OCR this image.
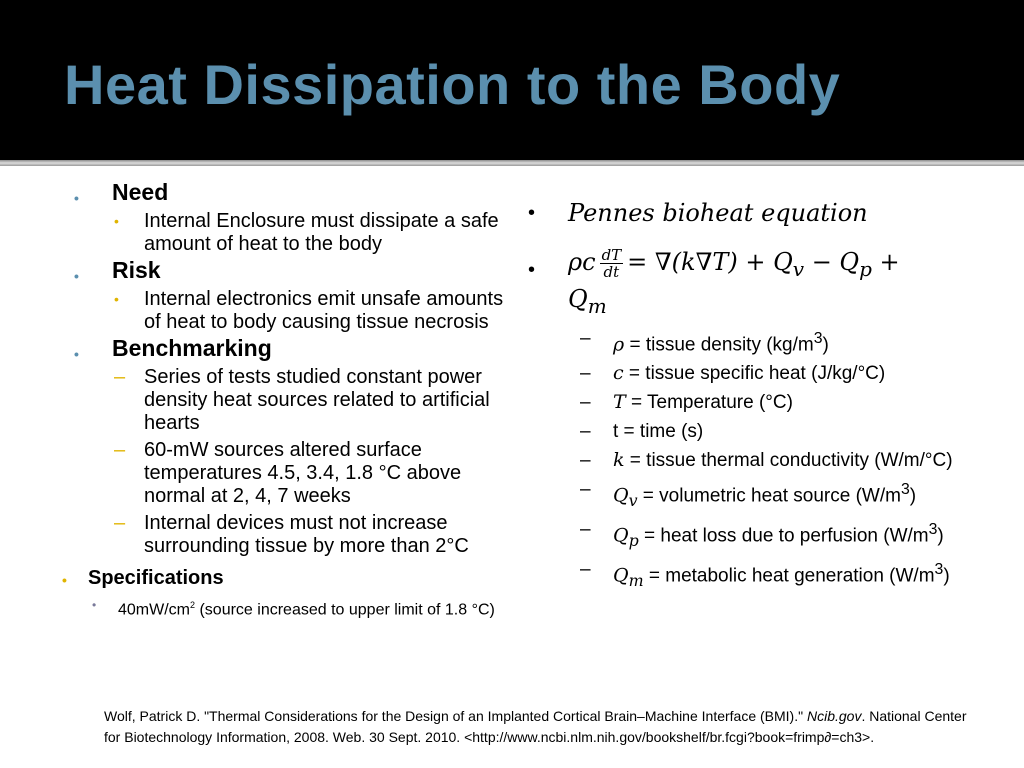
Heat Dissipation to the Body
• Need
• Internal Enclosure must dissipate a safe amount of heat to the body
• Risk
• Internal electronics emit unsafe amounts of heat to body causing tissue necrosis
• Benchmarking
– Series of tests studied constant power density heat sources related to artificial hearts
– 60-mW sources altered surface temperatures 4.5, 3.4, 1.8 °C above normal at 2, 4, 7 weeks
– Internal devices must not increase surrounding tissue by more than 2°C
• Specifications
• $40mW/cm^2$ (source increased to upper limit of 1.8 °C)
• Pennes bioheat equation
• ρc $\frac{dT}{dt} = \nabla(k\nabla T) + Q_v - Q_p$ +
$Q_m$
– ρ = tissue density $(kg/m^3)$
– c = tissue specific heat (J/kg/°C)
– T = Temperature (°C)
– t = time (s)
– k = tissue thermal conductivity (W/m/°C)
– $Q_v$ = volumetric heat source $(W/m^3)$
– $Q_p$ = heat loss due to perfusion $(W/m^3)$
– $Q_m$ = metabolic heat generation $(W/m^3)$
Wolf, Patrick D. "Thermal Considerations for the Design of an Implanted Cortical Brain–Machine Interface (BMI)." Ncib.gov. National Center for Biotechnology Information, 2008. Web. 30 Sept. 2010. <http://www.ncbi.nlm.nih.gov/bookshelf/br.fcgi?book=frimp∂=ch3>.
